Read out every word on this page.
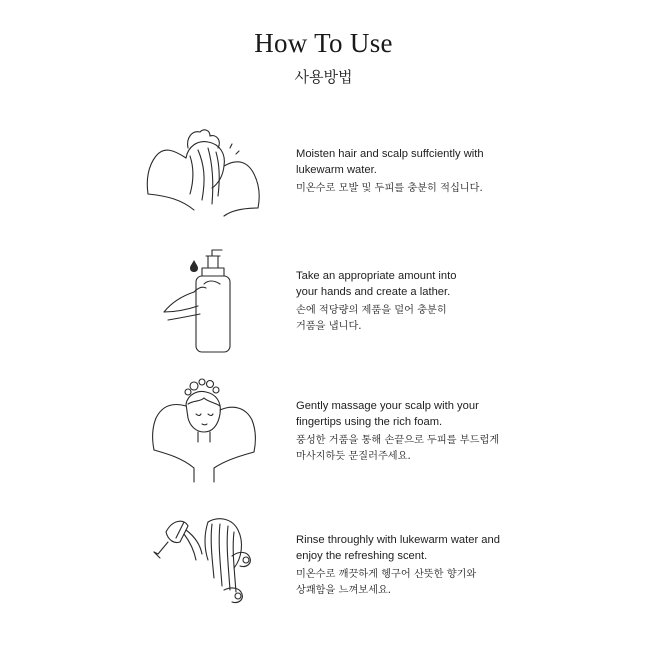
How To Use
사용방법

Moisten hair and scalp suffciently with
lukewarm water.

미온수로 모발 및 두피를 충분히 적십니다.

Take an appropriate amount into
your hands and create a lather.

손에 적당량의 제품을 덜어 충분히
거품을 냅니다.

Gently massage your scalp with your
fingertips using the rich foam.

풍성한 거품을 통해 손끝으로 두피를 부드럽게
마사지하듯 문질러주세요.

Rinse throughly with lukewarm water and
enjoy the refreshing scent.

미온수로 깨끗하게 헹구어 산뜻한 향기와
상쾌함을 느껴보세요.
